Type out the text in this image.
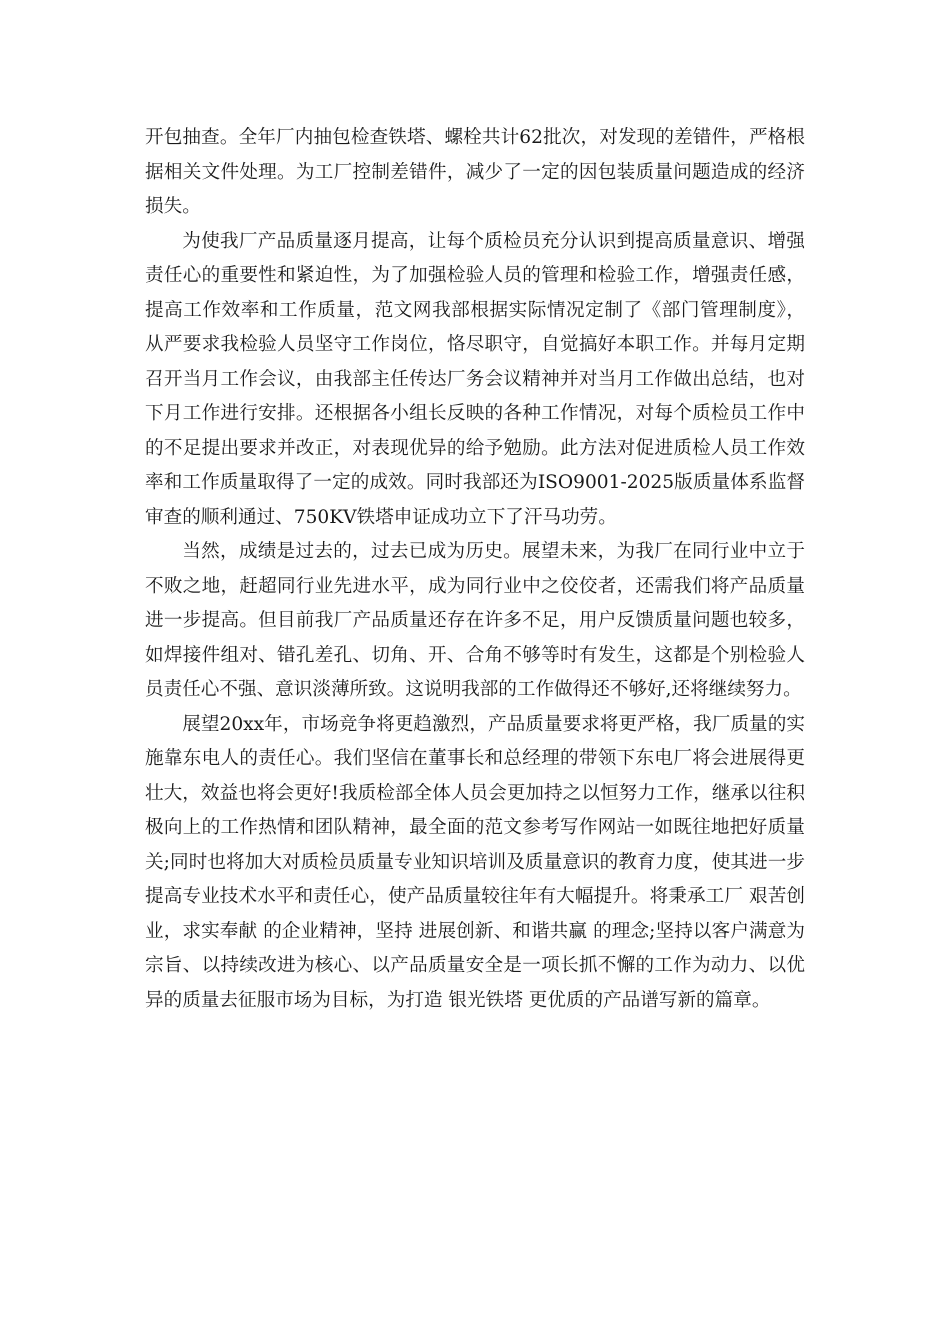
开包抽查。全年厂内抽包检查铁塔、螺栓共计62批次，对发现的差错件，严格根据相关文件处理。为工厂控制差错件，减少了一定的因包装质量问题造成的经济损失。

为使我厂产品质量逐月提高，让每个质检员充分认识到提高质量意识、增强责任心的重要性和紧迫性，为了加强检验人员的管理和检验工作，增强责任感，提高工作效率和工作质量，范文网我部根据实际情况定制了《部门管理制度》，从严要求我检验人员坚守工作岗位，恪尽职守，自觉搞好本职工作。并每月定期召开当月工作会议，由我部主任传达厂务会议精神并对当月工作做出总结，也对下月工作进行安排。还根据各小组长反映的各种工作情况，对每个质检员工作中的不足提出要求并改正，对表现优异的给予勉励。此方法对促进质检人员工作效率和工作质量取得了一定的成效。同时我部还为ISO9001-2025版质量体系监督审查的顺利通过、750KV铁塔申证成功立下了汗马功劳。

当然，成绩是过去的，过去已成为历史。展望未来，为我厂在同行业中立于不败之地，赶超同行业先进水平，成为同行业中之佼佼者，还需我们将产品质量进一步提高。但目前我厂产品质量还存在许多不足，用户反馈质量问题也较多，如焊接件组对、错孔差孔、切角、开、合角不够等时有发生，这都是个别检验人员责任心不强、意识淡薄所致。这说明我部的工作做得还不够好,还将继续努力。

展望20xx年，市场竞争将更趋激烈，产品质量要求将更严格，我厂质量的实施靠东电人的责任心。我们坚信在董事长和总经理的带领下东电厂将会进展得更壮大，效益也将会更好!我质检部全体人员会更加持之以恒努力工作，继承以往积极向上的工作热情和团队精神，最全面的范文参考写作网站一如既往地把好质量关;同时也将加大对质检员质量专业知识培训及质量意识的教育力度，使其进一步提高专业技术水平和责任心，使产品质量较往年有大幅提升。将秉承工厂 艰苦创业，求实奉献 的企业精神，坚持 进展创新、和谐共赢 的理念;坚持以客户满意为宗旨、以持续改进为核心、以产品质量安全是一项长抓不懈的工作为动力、以优异的质量去征服市场为目标，为打造 银光铁塔 更优质的产品谱写新的篇章。
